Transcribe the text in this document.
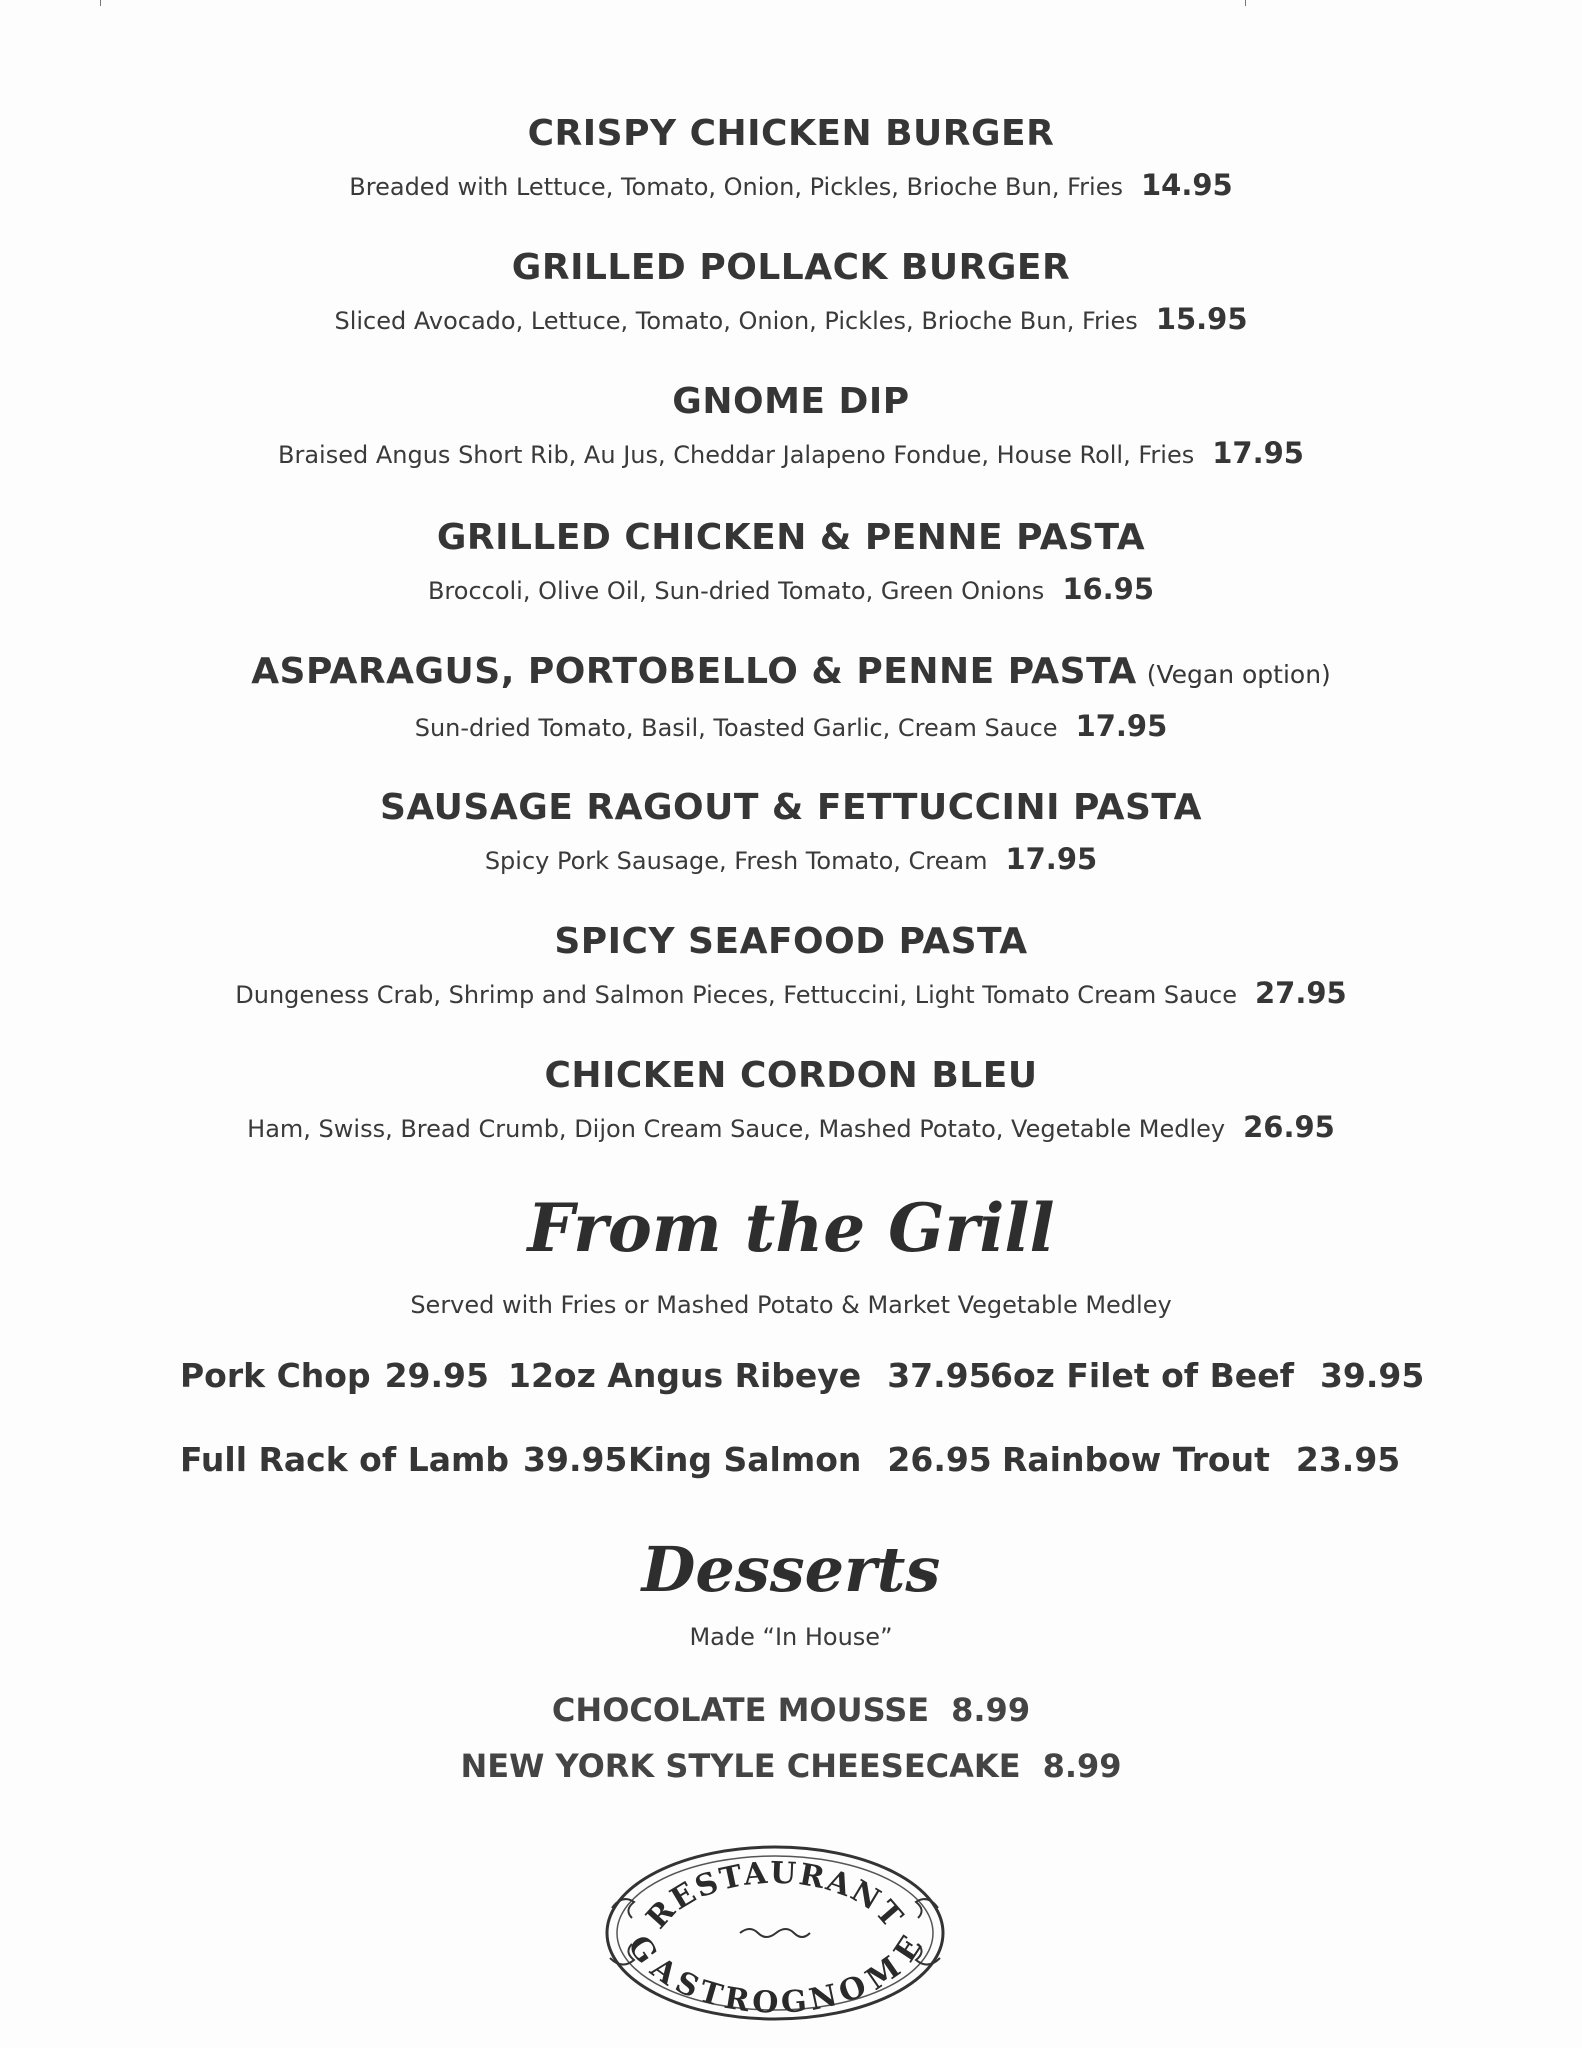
CRISPY CHICKEN BURGER
Breaded with Lettuce, Tomato, Onion, Pickles, Brioche Bun, Fries 14.95
GRILLED POLLACK BURGER
Sliced Avocado, Lettuce, Tomato, Onion, Pickles, Brioche Bun, Fries 15.95
GNOME DIP
Braised Angus Short Rib, Au Jus, Cheddar Jalapeno Fondue, House Roll, Fries 17.95
GRILLED CHICKEN & PENNE PASTA
Broccoli, Olive Oil, Sun-dried Tomato, Green Onions 16.95
ASPARAGUS, PORTOBELLO & PENNE PASTA (Vegan option)
Sun-dried Tomato, Basil, Toasted Garlic, Cream Sauce 17.95
SAUSAGE RAGOUT & FETTUCCINI PASTA
Spicy Pork Sausage, Fresh Tomato, Cream 17.95
SPICY SEAFOOD PASTA
Dungeness Crab, Shrimp and Salmon Pieces, Fettuccini, Light Tomato Cream Sauce 27.95
CHICKEN CORDON BLEU
Ham, Swiss, Bread Crumb, Dijon Cream Sauce, Mashed Potato, Vegetable Medley 26.95
From the Grill
Served with Fries or Mashed Potato & Market Vegetable Medley
Pork Chop 29.95 12oz Angus Ribeye 37.95
6oz Filet of Beef 39.95
Full Rack of Lamb 39.95 King Salmon 26.95 Rainbow Trout 23.95
Desserts
Made “In House”
CHOCOLATE MOUSSE 8.99
NEW YORK STYLE CHEESECAKE 8.99
RESTAURANT
GASTROGNOME
